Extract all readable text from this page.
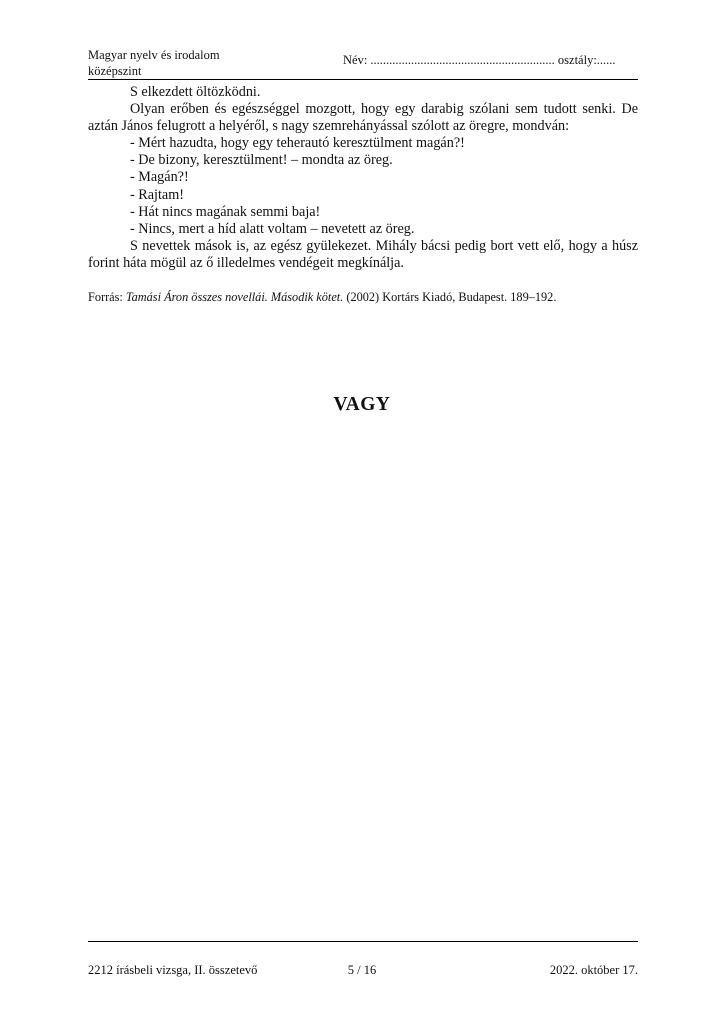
Magyar nyelv és irodalom
középszint
Név: ........................................................... osztály:......

S elkezdett öltözködni.

Olyan erőben és egészséggel mozgott, hogy egy darabig szólani sem tudott senki. De aztán János felugrott a helyéről, s nagy szemrehányással szólott az öregre, mondván:

- Mért hazudta, hogy egy teherautó keresztülment magán?!

- De bizony, keresztülment! – mondta az öreg.

- Magán?!

- Rajtam!

- Hát nincs magának semmi baja!

- Nincs, mert a híd alatt voltam – nevetett az öreg.

S nevettek mások is, az egész gyülekezet. Mihály bácsi pedig bort vett elő, hogy a húsz forint háta mögül az ő illedelmes vendégeit megkínálja.

Forrás: Tamási Áron összes novellái. Második kötet. (2002) Kortárs Kiadó, Budapest. 189–192.
VAGY
2212 írásbeli vizsga, II. összetevő	5 / 16	2022. október 17.
